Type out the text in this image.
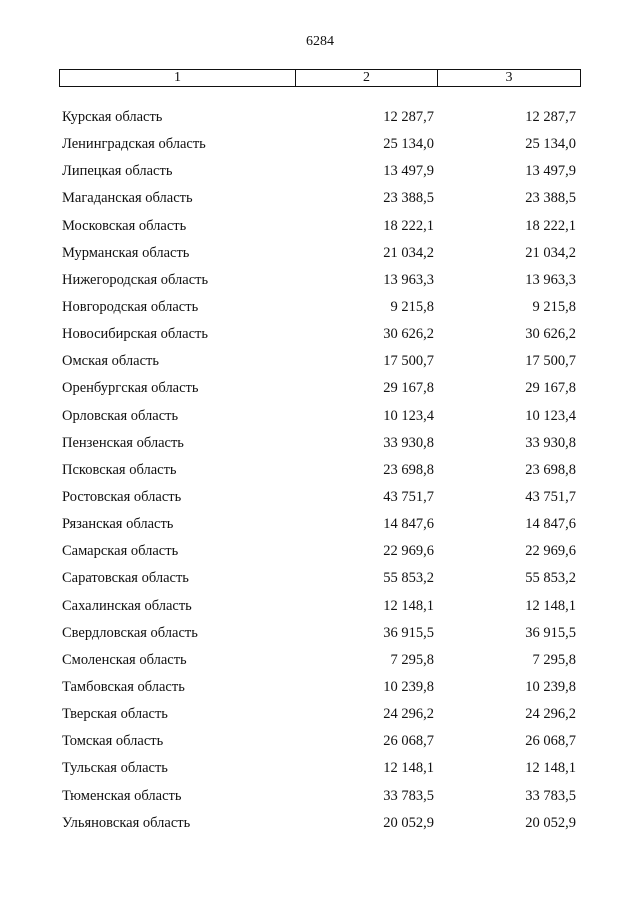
6284
1	2	3
Курская область	12 287,7	12 287,7
Ленинградская область	25 134,0	25 134,0
Липецкая область	13 497,9	13 497,9
Магаданская область	23 388,5	23 388,5
Московская область	18 222,1	18 222,1
Мурманская область	21 034,2	21 034,2
Нижегородская область	13 963,3	13 963,3
Новгородская область	9 215,8	9 215,8
Новосибирская область	30 626,2	30 626,2
Омская область	17 500,7	17 500,7
Оренбургская область	29 167,8	29 167,8
Орловская область	10 123,4	10 123,4
Пензенская область	33 930,8	33 930,8
Псковская область	23 698,8	23 698,8
Ростовская область	43 751,7	43 751,7
Рязанская область	14 847,6	14 847,6
Самарская область	22 969,6	22 969,6
Саратовская область	55 853,2	55 853,2
Сахалинская область	12 148,1	12 148,1
Свердловская область	36 915,5	36 915,5
Смоленская область	7 295,8	7 295,8
Тамбовская область	10 239,8	10 239,8
Тверская область	24 296,2	24 296,2
Томская область	26 068,7	26 068,7
Тульская область	12 148,1	12 148,1
Тюменская область	33 783,5	33 783,5
Ульяновская область	20 052,9	20 052,9
